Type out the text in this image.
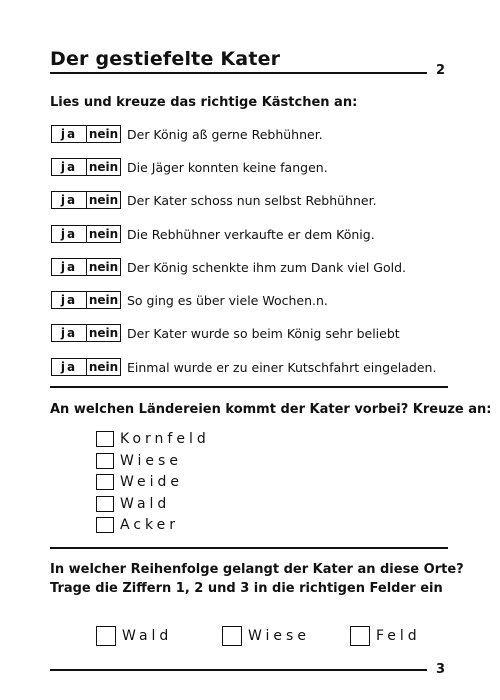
Der gestiefelte Kater
2
Lies und kreuze das richtige Kästchen an:
ja nein Der König aß gerne Rebhühner.
ja nein Die Jäger konnten keine fangen.
ja nein Der Kater schoss nun selbst Rebhühner.
ja nein Die Rebhühner verkaufte er dem König.
ja nein Der König schenkte ihm zum Dank viel Gold.
ja nein So ging es über viele Wochen.n.
ja nein Der Kater wurde so beim König sehr beliebt
ja nein Einmal wurde er zu einer Kutschfahrt eingeladen.
An welchen Ländereien kommt der Kater vorbei? Kreuze an:
Kornfeld
Wiese
Weide
Wald
Acker
In welcher Reihenfolge gelangt der Kater an diese Orte?
Trage die Ziffern 1, 2 und 3 in die richtigen Felder ein
Wald	Wiese	Feld
3
